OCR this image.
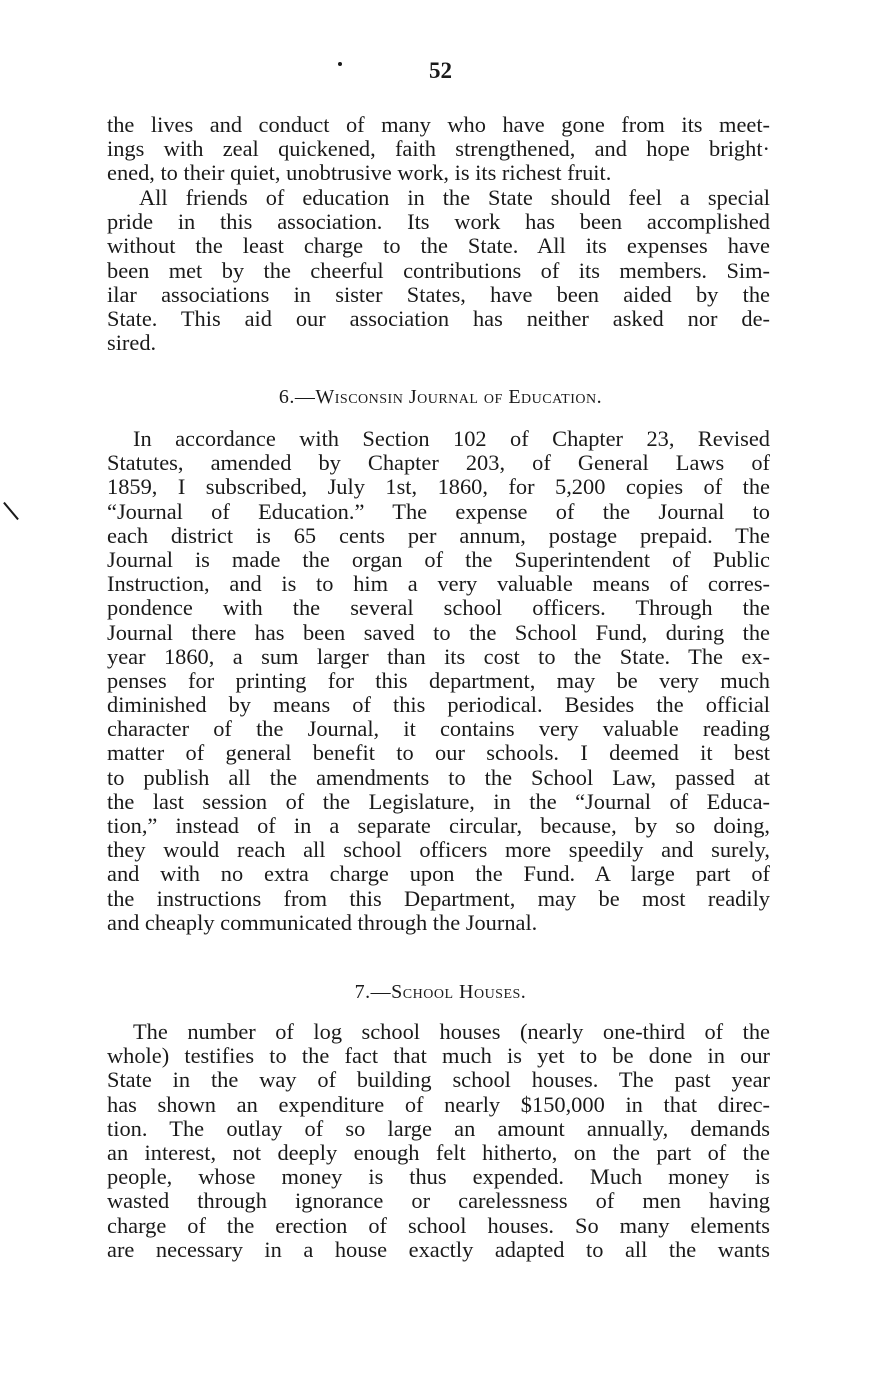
52
the lives and conduct of many who have gone from its meet-
ings with zeal quickened, faith strengthened, and hope bright·
ened, to their quiet, unobtrusive work, is its richest fruit.
All friends of education in the State should feel a special
pride in this association. Its work has been accomplished
without the least charge to the State. All its expenses have
been met by the cheerful contributions of its members. Sim-
ilar associations in sister States, have been aided by the
State. This aid our association has neither asked nor de-
sired.
6.—Wisconsin Journal of Education.
In accordance with Section 102 of Chapter 23, Revised
Statutes, amended by Chapter 203, of General Laws of
1859, I subscribed, July 1st, 1860, for 5,200 copies of the
“Journal of Education.” The expense of the Journal to
each district is 65 cents per annum, postage prepaid. The
Journal is made the organ of the Superintendent of Public
Instruction, and is to him a very valuable means of corres-
pondence with the several school officers. Through the
Journal there has been saved to the School Fund, during the
year 1860, a sum larger than its cost to the State. The ex-
penses for printing for this department, may be very much
diminished by means of this periodical. Besides the official
character of the Journal, it contains very valuable reading
matter of general benefit to our schools. I deemed it best
to publish all the amendments to the School Law, passed at
the last session of the Legislature, in the “Journal of Educa-
tion,” instead of in a separate circular, because, by so doing,
they would reach all school officers more speedily and surely,
and with no extra charge upon the Fund. A large part of
the instructions from this Department, may be most readily
and cheaply communicated through the Journal.
7.—School Houses.
The number of log school houses (nearly one-third of the
whole) testifies to the fact that much is yet to be done in our
State in the way of building school houses. The past year
has shown an expenditure of nearly $150,000 in that direc-
tion. The outlay of so large an amount annually, demands
an interest, not deeply enough felt hitherto, on the part of the
people, whose money is thus expended. Much money is
wasted through ignorance or carelessness of men having
charge of the erection of school houses. So many elements
are necessary in a house exactly adapted to all the wants
